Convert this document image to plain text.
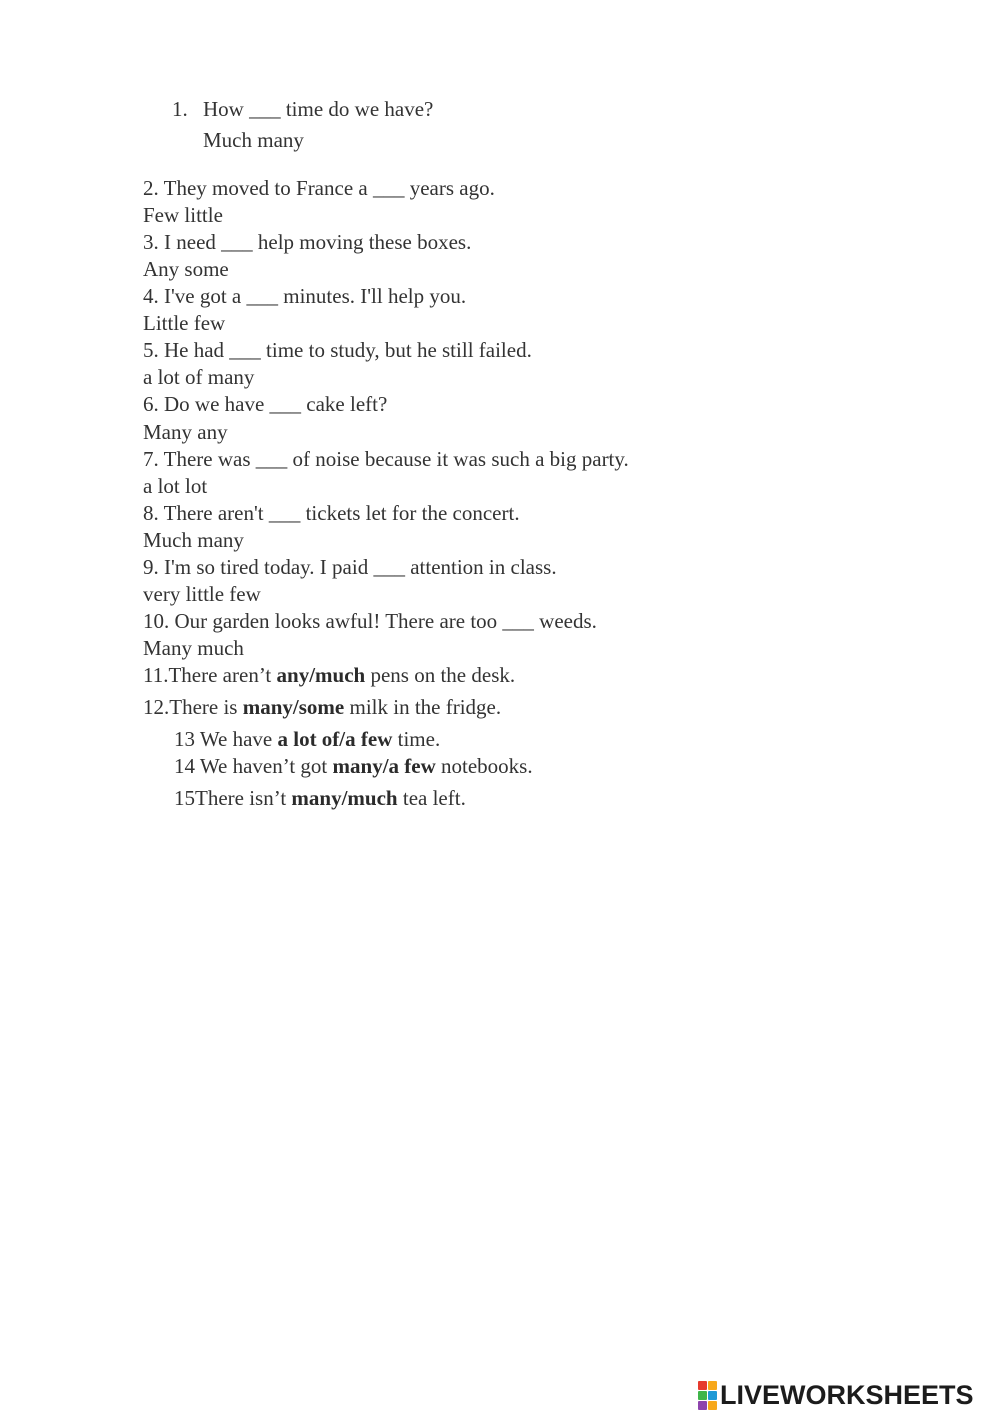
1. How ___ time do we have?
Much many
2. They moved to France a ___ years ago.
Few little
3. I need ___ help moving these boxes.
Any some
4. I've got a ___ minutes. I'll help you.
Little few
5. He had ___ time to study, but he still failed.
a lot of many
6. Do we have ___ cake left?
Many any
7. There was ___ of noise because it was such a big party.
a lot lot
8. There aren't ___ tickets let for the concert.
Much many
9. I'm so tired today. I paid ___ attention in class.
very little few
10. Our garden looks awful! There are too ___ weeds.
Many much
11.There aren’t any/much pens on the desk.
12.There is many/some milk in the fridge.
13 We have a lot of/a few time.
14 We haven’t got many/a few notebooks.
15There isn’t many/much tea left.
LIVEWORKSHEETS
